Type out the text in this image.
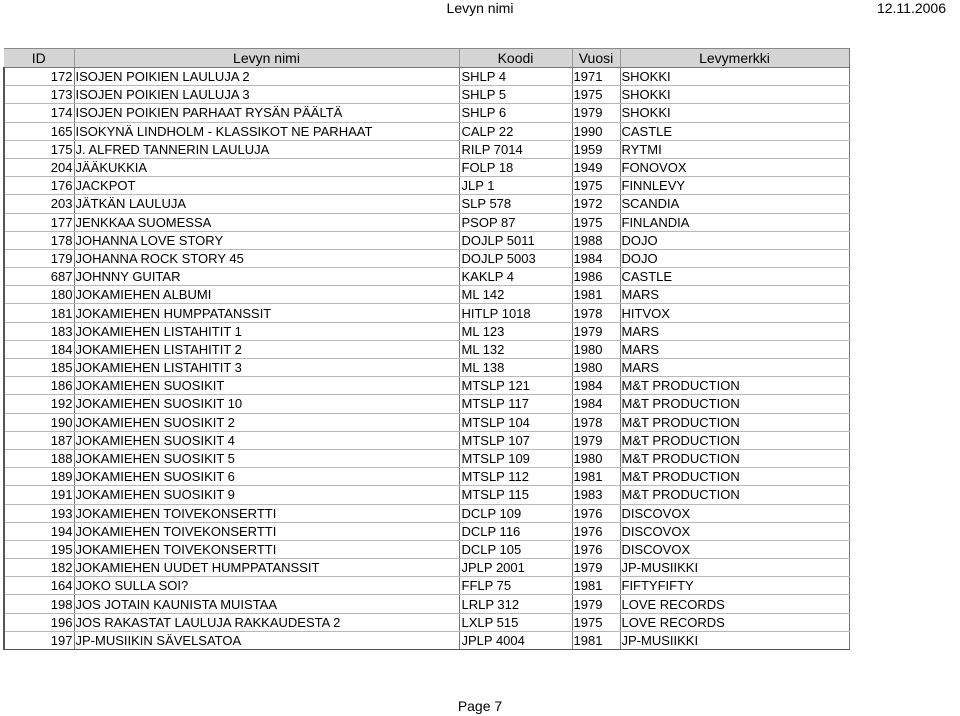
Levyn nimi	12.11.2006
ID	Levyn nimi	Koodi	Vuosi	Levymerkki
172	ISOJEN POIKIEN LAULUJA 2	SHLP 4	1971	SHOKKI
173	ISOJEN POIKIEN LAULUJA 3	SHLP 5	1975	SHOKKI
174	ISOJEN POIKIEN PARHAAT RYSÄN PÄÄLTÄ	SHLP 6	1979	SHOKKI
165	ISOKYNÄ LINDHOLM - KLASSIKOT NE PARHAAT	CALP 22	1990	CASTLE
175	J. ALFRED TANNERIN LAULUJA	RILP 7014	1959	RYTMI
204	JÄÄKUKKIA	FOLP 18	1949	FONOVOX
176	JACKPOT	JLP 1	1975	FINNLEVY
203	JÄTKÄN LAULUJA	SLP 578	1972	SCANDIA
177	JENKKAA SUOMESSA	PSOP 87	1975	FINLANDIA
178	JOHANNA LOVE STORY	DOJLP 5011	1988	DOJO
179	JOHANNA ROCK STORY 45	DOJLP 5003	1984	DOJO
687	JOHNNY GUITAR	KAKLP 4	1986	CASTLE
180	JOKAMIEHEN ALBUMI	ML 142	1981	MARS
181	JOKAMIEHEN HUMPPATANSSIT	HITLP 1018	1978	HITVOX
183	JOKAMIEHEN LISTAHITIT 1	ML 123	1979	MARS
184	JOKAMIEHEN LISTAHITIT 2	ML 132	1980	MARS
185	JOKAMIEHEN LISTAHITIT 3	ML 138	1980	MARS
186	JOKAMIEHEN SUOSIKIT	MTSLP 121	1984	M&T PRODUCTION
192	JOKAMIEHEN SUOSIKIT 10	MTSLP 117	1984	M&T PRODUCTION
190	JOKAMIEHEN SUOSIKIT 2	MTSLP 104	1978	M&T PRODUCTION
187	JOKAMIEHEN SUOSIKIT 4	MTSLP 107	1979	M&T PRODUCTION
188	JOKAMIEHEN SUOSIKIT 5	MTSLP 109	1980	M&T PRODUCTION
189	JOKAMIEHEN SUOSIKIT 6	MTSLP 112	1981	M&T PRODUCTION
191	JOKAMIEHEN SUOSIKIT 9	MTSLP 115	1983	M&T PRODUCTION
193	JOKAMIEHEN TOIVEKONSERTTI	DCLP 109	1976	DISCOVOX
194	JOKAMIEHEN TOIVEKONSERTTI	DCLP 116	1976	DISCOVOX
195	JOKAMIEHEN TOIVEKONSERTTI	DCLP 105	1976	DISCOVOX
182	JOKAMIEHEN UUDET HUMPPATANSSIT	JPLP 2001	1979	JP-MUSIIKKI
164	JOKO SULLA SOI?	FFLP 75	1981	FIFTYFIFTY
198	JOS JOTAIN KAUNISTA MUISTAA	LRLP 312	1979	LOVE RECORDS
196	JOS RAKASTAT LAULUJA RAKKAUDESTA 2	LXLP 515	1975	LOVE RECORDS
197	JP-MUSIIKIN SÄVELSATOA	JPLP 4004	1981	JP-MUSIIKKI
Page 7
